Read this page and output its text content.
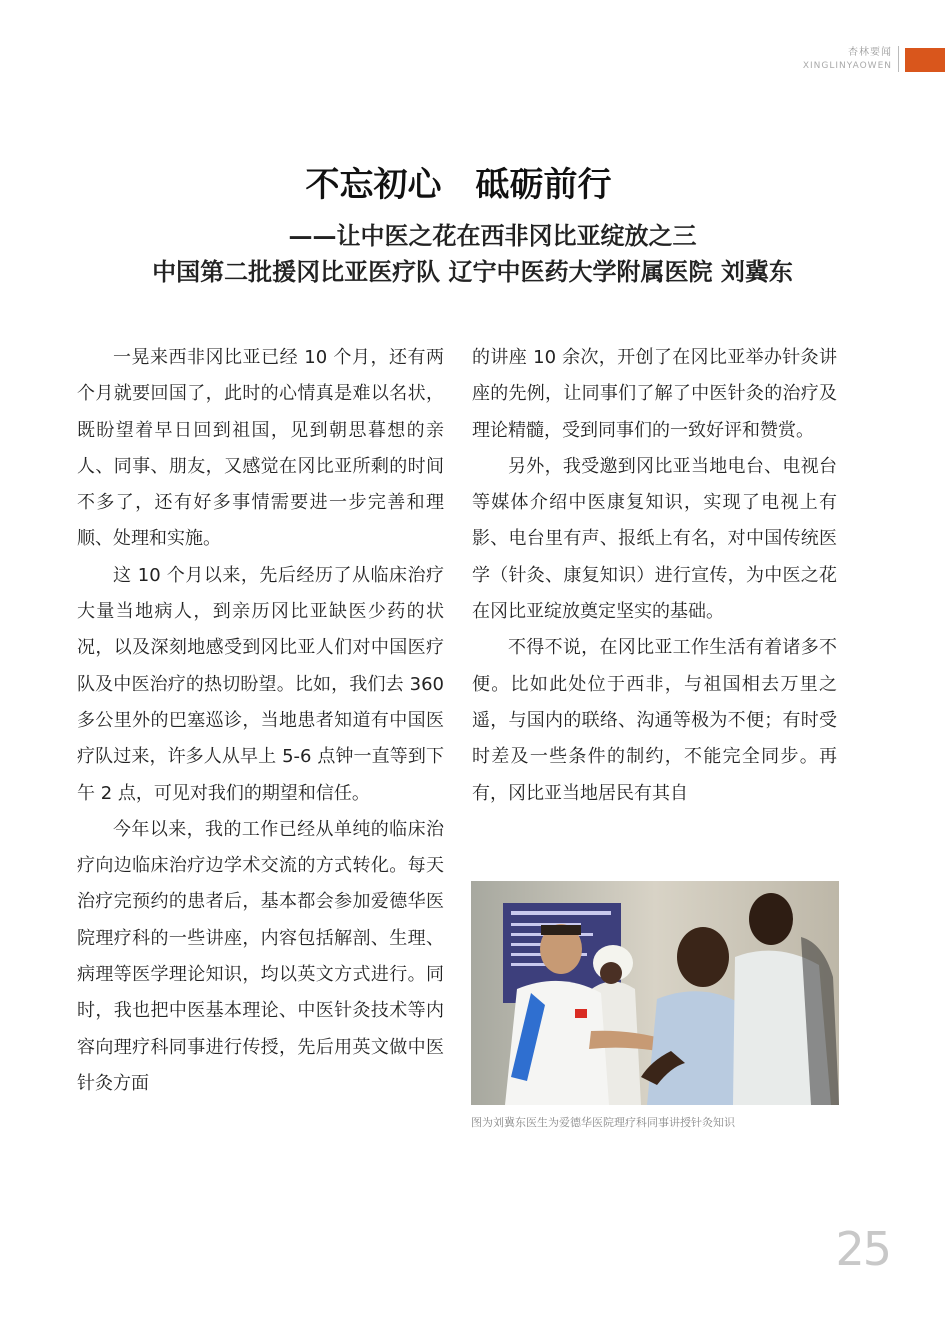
杏林要闻
XINGLINYAOWEN
不忘初心　砥砺前行
——让中医之花在西非冈比亚绽放之三
中国第二批援冈比亚医疗队 辽宁中医药大学附属医院 刘冀东

一晃来西非冈比亚已经 10 个月，还有两个月就要回国了，此时的心情真是难以名状，既盼望着早日回到祖国，见到朝思暮想的亲人、同事、朋友，又感觉在冈比亚所剩的时间不多了，还有好多事情需要进一步完善和理顺、处理和实施。

这 10 个月以来，先后经历了从临床治疗大量当地病人，到亲历冈比亚缺医少药的状况，以及深刻地感受到冈比亚人们对中国医疗队及中医治疗的热切盼望。比如，我们去 360 多公里外的巴塞巡诊，当地患者知道有中国医疗队过来，许多人从早上 5-6 点钟一直等到下午 2 点，可见对我们的期望和信任。

今年以来，我的工作已经从单纯的临床治疗向边临床治疗边学术交流的方式转化。每天治疗完预约的患者后，基本都会参加爱德华医院理疗科的一些讲座，内容包括解剖、生理、病理等医学理论知识，均以英文方式进行。同时，我也把中医基本理论、中医针灸技术等内容向理疗科同事进行传授，先后用英文做中医针灸方面

的讲座 10 余次，开创了在冈比亚举办针灸讲座的先例，让同事们了解了中医针灸的治疗及理论精髓，受到同事们的一致好评和赞赏。

另外，我受邀到冈比亚当地电台、电视台等媒体介绍中医康复知识，实现了电视上有影、电台里有声、报纸上有名，对中国传统医学（针灸、康复知识）进行宣传，为中医之花在冈比亚绽放奠定坚实的基础。

不得不说，在冈比亚工作生活有着诸多不便。比如此处位于西非，与祖国相去万里之遥，与国内的联络、沟通等极为不便；有时受时差及一些条件的制约，不能完全同步。再有，冈比亚当地居民有其自

图为刘冀东医生为爱德华医院理疗科同事讲授针灸知识
25
